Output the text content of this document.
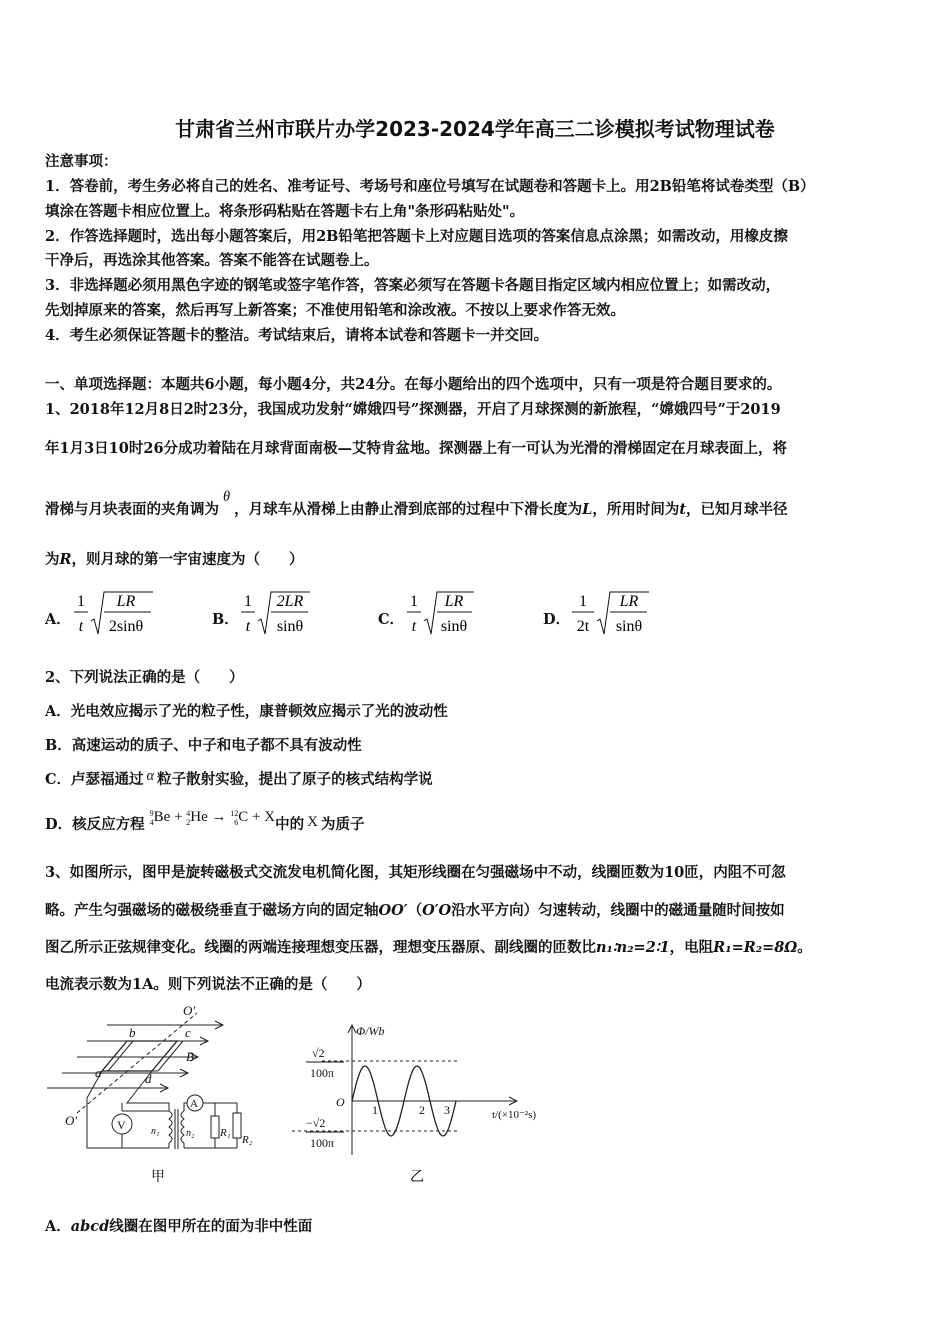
甘肃省兰州市联片办学2023-2024学年高三二诊模拟考试物理试卷
注意事项：
1．答卷前，考生务必将自己的姓名、准考证号、考场号和座位号填写在试题卷和答题卡上。用2B铅笔将试卷类型（B）
填涂在答题卡相应位置上。将条形码粘贴在答题卡右上角"条形码粘贴处"。
2．作答选择题时，选出每小题答案后，用2B铅笔把答题卡上对应题目选项的答案信息点涂黑；如需改动，用橡皮擦
干净后，再选涂其他答案。答案不能答在试题卷上。
3．非选择题必须用黑色字迹的钢笔或签字笔作答，答案必须写在答题卡各题目指定区域内相应位置上；如需改动，
先划掉原来的答案，然后再写上新答案；不准使用铅笔和涂改液。不按以上要求作答无效。
4．考生必须保证答题卡的整洁。考试结束后，请将本试卷和答题卡一并交回。
一、单项选择题：本题共6小题，每小题4分，共24分。在每小题给出的四个选项中，只有一项是符合题目要求的。
1、2018年12月8日2时23分，我国成功发射“嫦娥四号”探测器，开启了月球探测的新旅程，“嫦娥四号”于2019
年1月3日10时26分成功着陆在月球背面南极—艾特肯盆地。探测器上有一可认为光滑的滑梯固定在月球表面上，将
滑梯与月块表面的夹角调为θ，月球车从滑梯上由静止滑到底部的过程中下滑长度为L，所用时间为t，已知月球半径
为R，则月球的第一宇宙速度为（　　）
A．
1
t
LR
2sinθ	B．
1
t
2LR
sinθ	C．
1
t
LR
sinθ	D．
1
2t
LR
sinθ
2、下列说法正确的是（　　）
A．光电效应揭示了光的粒子性，康普顿效应揭示了光的波动性
B．高速运动的质子、中子和电子都不具有波动性
C．卢瑟福通过 α 粒子散射实验，提出了原子的核式结构学说
D．核反应方程 9
4Be + 4
2He → 12
6C + X中的 X 为质子
3、如图所示，图甲是旋转磁极式交流发电机简化图，其矩形线圈在匀强磁场中不动，线圈匝数为10匝，内阻不可忽
略。产生匀强磁场的磁极绕垂直于磁场方向的固定轴OO′（O′O沿水平方向）匀速转动，线圈中的磁通量随时间按如
图乙所示正弦规律变化。线圈的两端连接理想变压器，理想变压器原、副线圈的匝数比n₁∶n₂=2∶1，电阻R₁=R₂=8Ω。
电流表示数为1A。则下列说法不正确的是（　　）
O′
O′
B
a
b	c
d
n₁	n₂ R₁
R₂
V
A
甲
Φ/Wb
√2
100π
−√2
100π
O
1	2 3	t/(×10⁻²s)
乙
A．abcd线圈在图甲所在的面为非中性面
